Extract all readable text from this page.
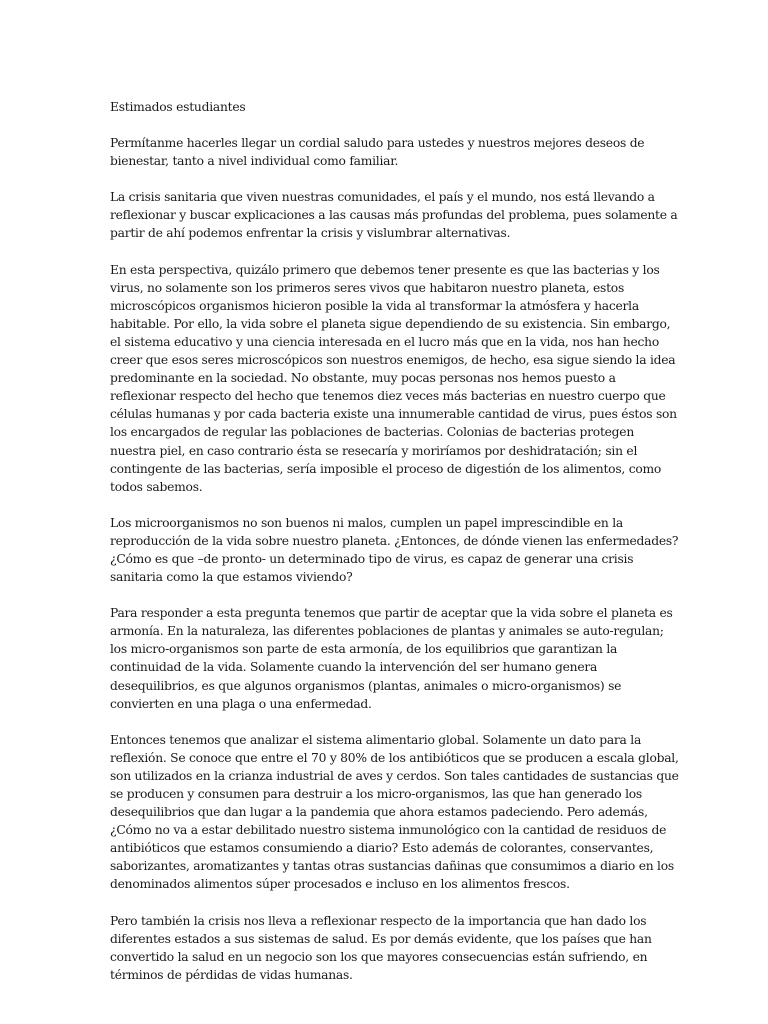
Estimados estudiantes

Permítanme hacerles llegar un cordial saludo para ustedes y nuestros mejores deseos de bienestar, tanto a nivel individual como familiar.

La crisis sanitaria que viven nuestras comunidades, el país y el mundo, nos está llevando a reflexionar y buscar explicaciones a las causas más profundas del problema, pues solamente a partir de ahí podemos enfrentar la crisis y vislumbrar alternativas.

En esta perspectiva, quizálo primero que debemos tener presente es que las bacterias y los virus, no solamente son los primeros seres vivos que habitaron nuestro planeta, estos microscópicos organismos hicieron posible la vida al transformar la atmósfera y hacerla habitable. Por ello, la vida sobre el planeta sigue dependiendo de su existencia. Sin embargo, el sistema educativo y una ciencia interesada en el lucro más que en la vida, nos han hecho creer que esos seres microscópicos son nuestros enemigos, de hecho, esa sigue siendo la idea predominante en la sociedad. No obstante, muy pocas personas nos hemos puesto a reflexionar respecto del hecho que tenemos diez veces más bacterias en nuestro cuerpo que células humanas y por cada bacteria existe una innumerable cantidad de virus, pues éstos son los encargados de regular las poblaciones de bacterias. Colonias de bacterias protegen nuestra piel, en caso contrario ésta se resecaría y moriríamos por deshidratación; sin el contingente de las bacterias, sería imposible el proceso de digestión de los alimentos, como todos sabemos.

Los microorganismos no son buenos ni malos, cumplen un papel imprescindible en la reproducción de la vida sobre nuestro planeta. ¿Entonces, de dónde vienen las enfermedades? ¿Cómo es que –de pronto- un determinado tipo de virus, es capaz de generar una crisis sanitaria como la que estamos viviendo?

Para responder a esta pregunta tenemos que partir de aceptar que la vida sobre el planeta es armonía. En la naturaleza, las diferentes poblaciones de plantas y animales se auto-regulan; los micro-organismos son parte de esta armonía, de los equilibrios que garantizan la continuidad de la vida. Solamente cuando la intervención del ser humano genera desequilibrios, es que algunos organismos (plantas, animales o micro-organismos) se convierten en una plaga o una enfermedad.

Entonces tenemos que analizar el sistema alimentario global. Solamente un dato para la reflexión. Se conoce que entre el 70 y 80% de los antibióticos que se producen a escala global, son utilizados en la crianza industrial de aves y cerdos. Son tales cantidades de sustancias que se producen y consumen para destruir a los micro-organismos, las que han generado los desequilibrios que dan lugar a la pandemia que ahora estamos padeciendo. Pero además, ¿Cómo no va a estar debilitado nuestro sistema inmunológico con la cantidad de residuos de antibióticos que estamos consumiendo a diario? Esto además de colorantes, conservantes, saborizantes, aromatizantes y tantas otras sustancias dañinas que consumimos a diario en los denominados alimentos súper procesados e incluso en los alimentos frescos.

Pero también la crisis nos lleva a reflexionar respecto de la importancia que han dado los diferentes estados a sus sistemas de salud. Es por demás evidente, que los países que han convertido la salud en un negocio son los que mayores consecuencias están sufriendo, en términos de pérdidas de vidas humanas.
